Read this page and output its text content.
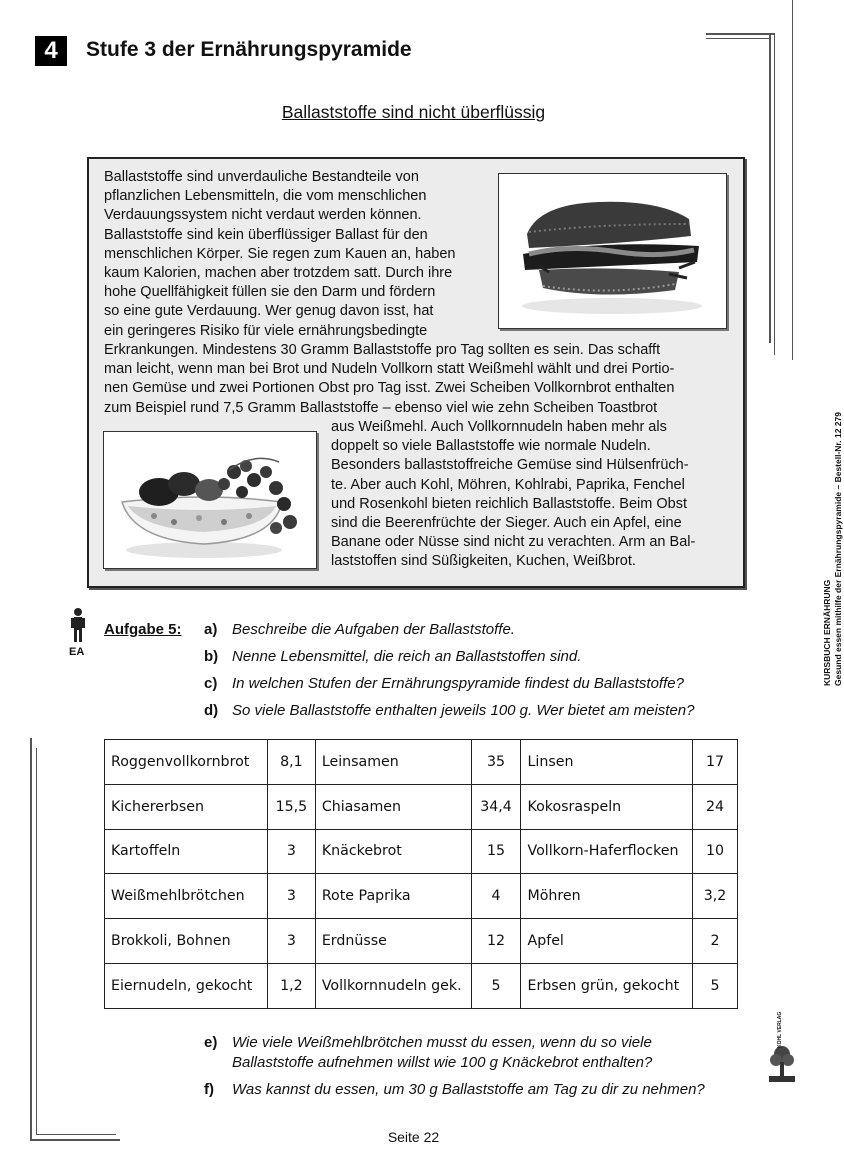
4	Stufe 3 der Ernährungspyramide
Ballaststoffe sind nicht überflüssig
Ballaststoffe sind unverdauliche Bestandteile von
pflanzlichen Lebensmitteln, die vom menschlichen
Verdauungssystem nicht verdaut werden können.
Ballaststoffe sind kein überflüssiger Ballast für den
menschlichen Körper. Sie regen zum Kauen an, haben
kaum Kalorien, machen aber trotzdem satt. Durch ihre
hohe Quellfähigkeit füllen sie den Darm und fördern
so eine gute Verdauung. Wer genug davon isst, hat
ein geringeres Risiko für viele ernährungsbedingte
Erkrankungen. Mindestens 30 Gramm Ballaststoffe pro Tag sollten es sein. Das schafft
man leicht, wenn man bei Brot und Nudeln Vollkorn statt Weißmehl wählt und drei Portio-
nen Gemüse und zwei Portionen Obst pro Tag isst. Zwei Scheiben Vollkornbrot enthalten
zum Beispiel rund 7,5 Gramm Ballaststoffe – ebenso viel wie zehn Scheiben Toastbrot
aus Weißmehl. Auch Vollkornnudeln haben mehr als
doppelt so viele Ballaststoffe wie normale Nudeln.
Besonders ballaststoffreiche Gemüse sind Hülsenfrüch-
te. Aber auch Kohl, Möhren, Kohlrabi, Paprika, Fenchel
und Rosenkohl bieten reichlich Ballaststoffe. Beim Obst
sind die Beerenfrüchte der Sieger. Auch ein Apfel, eine
Banane oder Nüsse sind nicht zu verachten. Arm an Bal-
laststoffen sind Süßigkeiten, Kuchen, Weißbrot.
EA
Aufgabe 5: a) Beschreibe die Aufgaben der Ballaststoffe.
b) Nenne Lebensmittel, die reich an Ballaststoffen sind.
c) In welchen Stufen der Ernährungspyramide findest du Ballaststoffe?
d) So viele Ballaststoffe enthalten jeweils 100 g. Wer bietet am meisten?
Roggenvollkornbrot	8,1	Leinsamen	35	Linsen	17
Kichererbsen	15,5	Chiasamen	34,4	Kokosraspeln	24
Kartoffeln	3	Knäckebrot	15	Vollkorn-Haferflocken	10
Weißmehlbrötchen	3	Rote Paprika	4	Möhren	3,2
Brokkoli, Bohnen	3	Erdnüsse	12	Apfel	2
Eiernudeln, gekocht	1,2	Vollkornnudeln gek.	5	Erbsen grün, gekocht	5
e) Wie viele Weißmehlbrötchen musst du essen, wenn du so viele
Ballaststoffe aufnehmen willst wie 100 g Knäckebrot enthalten?
f) Was kannst du essen, um 30 g Ballaststoffe am Tag zu dir zu nehmen?
Seite 22
KURSBUCH ERNÄHRUNG Gesund essen mithilfe der Ernährungspyramide – Bestell-Nr. 12 279
KOHL VERLAG
